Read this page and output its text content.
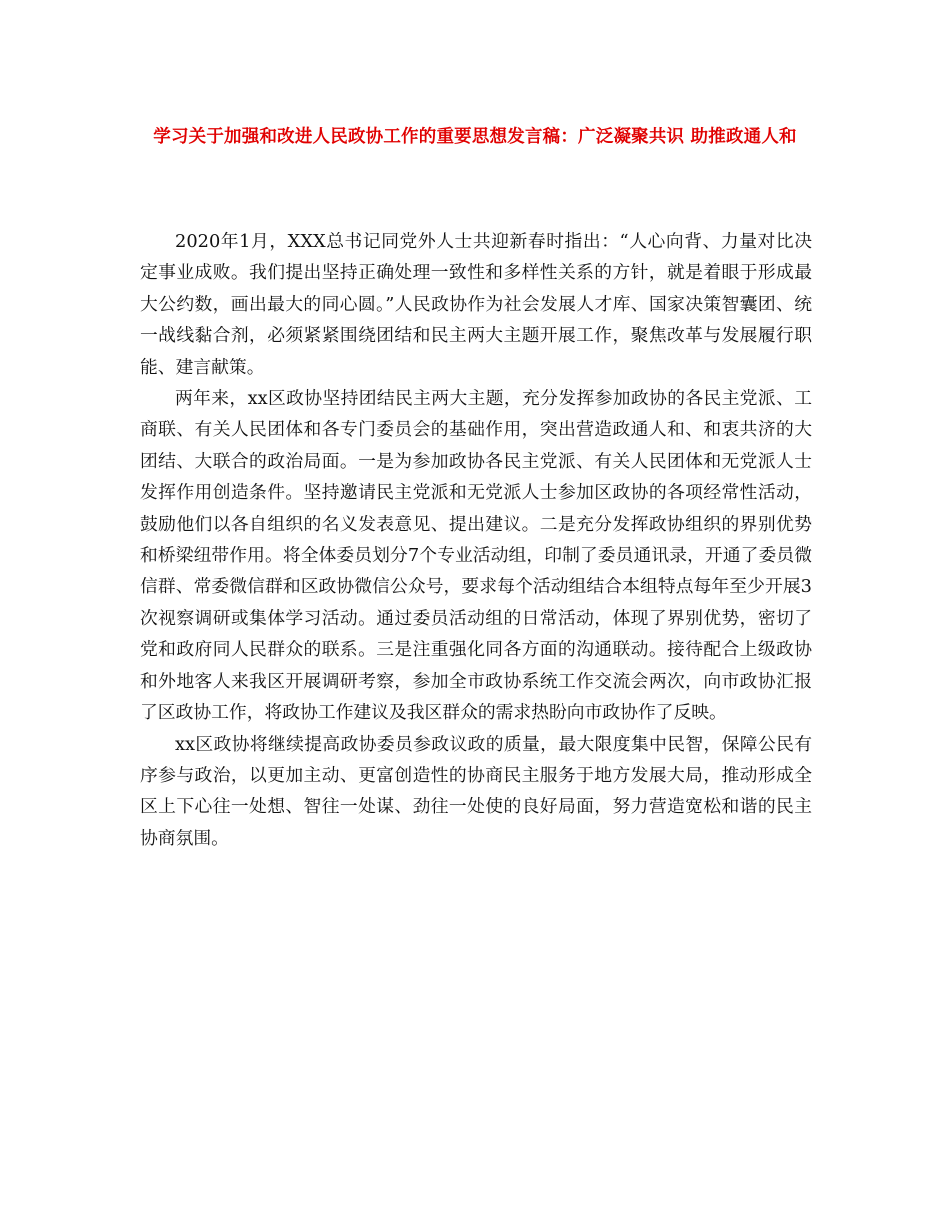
学习关于加强和改进人民政协工作的重要思想发言稿：广泛凝聚共识 助推政通人和

2020年1月，XXX总书记同党外人士共迎新春时指出：“人心向背、力量对比决定事业成败。我们提出坚持正确处理一致性和多样性关系的方针，就是着眼于形成最大公约数，画出最大的同心圆。”人民政协作为社会发展人才库、国家决策智囊团、统一战线黏合剂，必须紧紧围绕团结和民主两大主题开展工作，聚焦改革与发展履行职能、建言献策。

两年来，xx区政协坚持团结民主两大主题，充分发挥参加政协的各民主党派、工商联、有关人民团体和各专门委员会的基础作用，突出营造政通人和、和衷共济的大团结、大联合的政治局面。一是为参加政协各民主党派、有关人民团体和无党派人士发挥作用创造条件。坚持邀请民主党派和无党派人士参加区政协的各项经常性活动，鼓励他们以各自组织的名义发表意见、提出建议。二是充分发挥政协组织的界别优势和桥梁纽带作用。将全体委员划分7个专业活动组，印制了委员通讯录，开通了委员微信群、常委微信群和区政协微信公众号，要求每个活动组结合本组特点每年至少开展3次视察调研或集体学习活动。通过委员活动组的日常活动，体现了界别优势，密切了党和政府同人民群众的联系。三是注重强化同各方面的沟通联动。接待配合上级政协和外地客人来我区开展调研考察，参加全市政协系统工作交流会两次，向市政协汇报了区政协工作，将政协工作建议及我区群众的需求热盼向市政协作了反映。

xx区政协将继续提高政协委员参政议政的质量，最大限度集中民智，保障公民有序参与政治，以更加主动、更富创造性的协商民主服务于地方发展大局，推动形成全区上下心往一处想、智往一处谋、劲往一处使的良好局面，努力营造宽松和谐的民主协商氛围。
